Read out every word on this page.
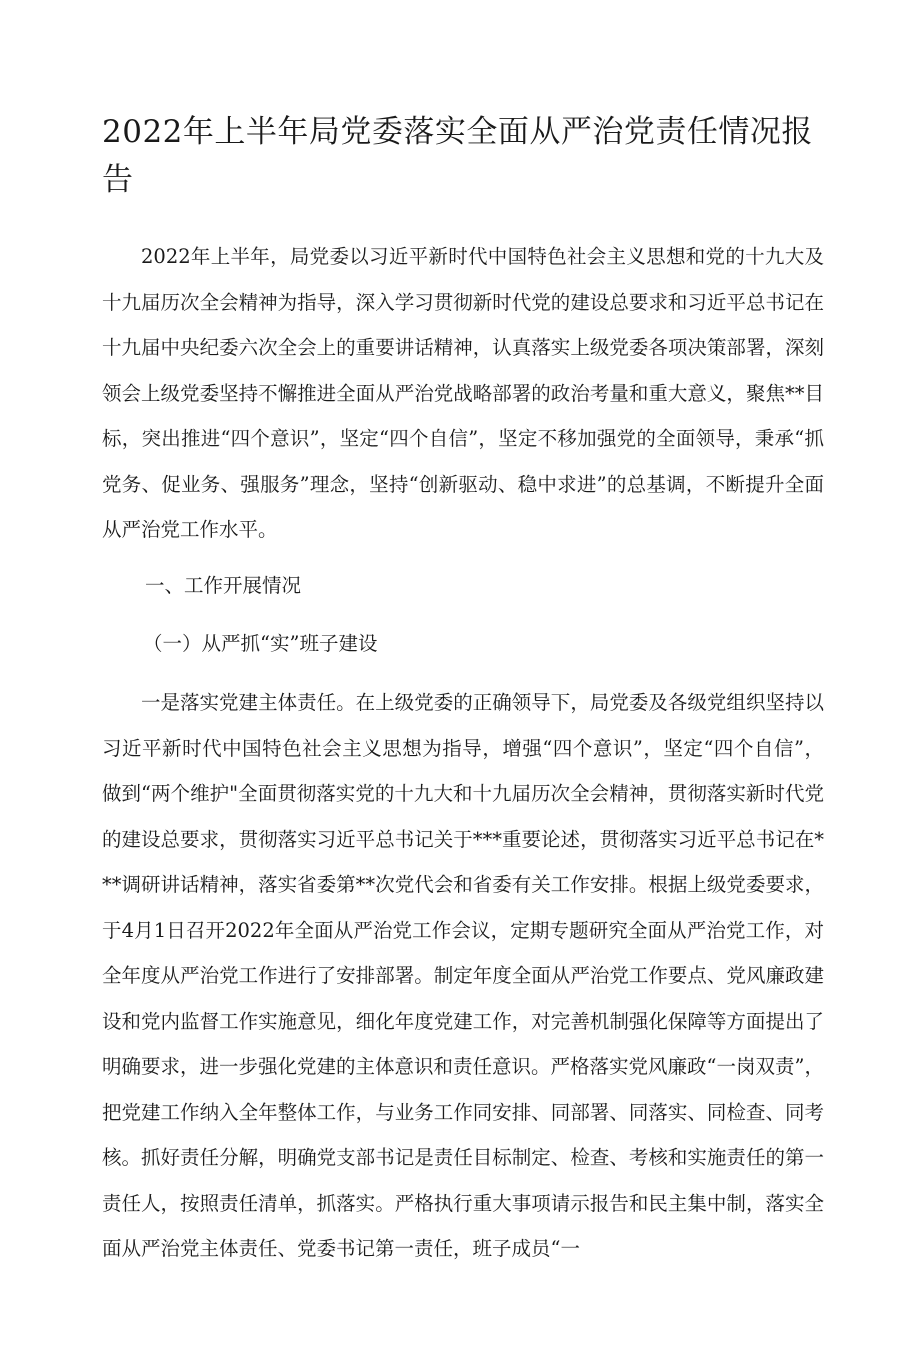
2022年上半年局党委落实全面从严治党责任情况报告

2022年上半年，局党委以习近平新时代中国特色社会主义思想和党的十九大及十九届历次全会精神为指导，深入学习贯彻新时代党的建设总要求和习近平总书记在十九届中央纪委六次全会上的重要讲话精神，认真落实上级党委各项决策部署，深刻领会上级党委坚持不懈推进全面从严治党战略部署的政治考量和重大意义，聚焦**目标，突出推进“四个意识”，坚定“四个自信”，坚定不移加强党的全面领导，秉承“抓党务、促业务、强服务”理念，坚持“创新驱动、稳中求进”的总基调，不断提升全面从严治党工作水平。

一、工作开展情况

（一）从严抓“实”班子建设

一是落实党建主体责任。在上级党委的正确领导下，局党委及各级党组织坚持以习近平新时代中国特色社会主义思想为指导，增强“四个意识”，坚定“四个自信”，做到“两个维护"全面贯彻落实党的十九大和十九届历次全会精神，贯彻落实新时代党的建设总要求，贯彻落实习近平总书记关于***重要论述，贯彻落实习近平总书记在***调研讲话精神，落实省委第**次党代会和省委有关工作安排。根据上级党委要求，于4月1日召开2022年全面从严治党工作会议，定期专题研究全面从严治党工作，对全年度从严治党工作进行了安排部署。制定年度全面从严治党工作要点、党风廉政建设和党内监督工作实施意见，细化年度党建工作，对完善机制强化保障等方面提出了明确要求，进一步强化党建的主体意识和责任意识。严格落实党风廉政“一岗双责”，把党建工作纳入全年整体工作，与业务工作同安排、同部署、同落实、同检查、同考核。抓好责任分解，明确党支部书记是责任目标制定、检查、考核和实施责任的第一责任人，按照责任清单，抓落实。严格执行重大事项请示报告和民主集中制，落实全面从严治党主体责任、党委书记第一责任，班子成员“一
